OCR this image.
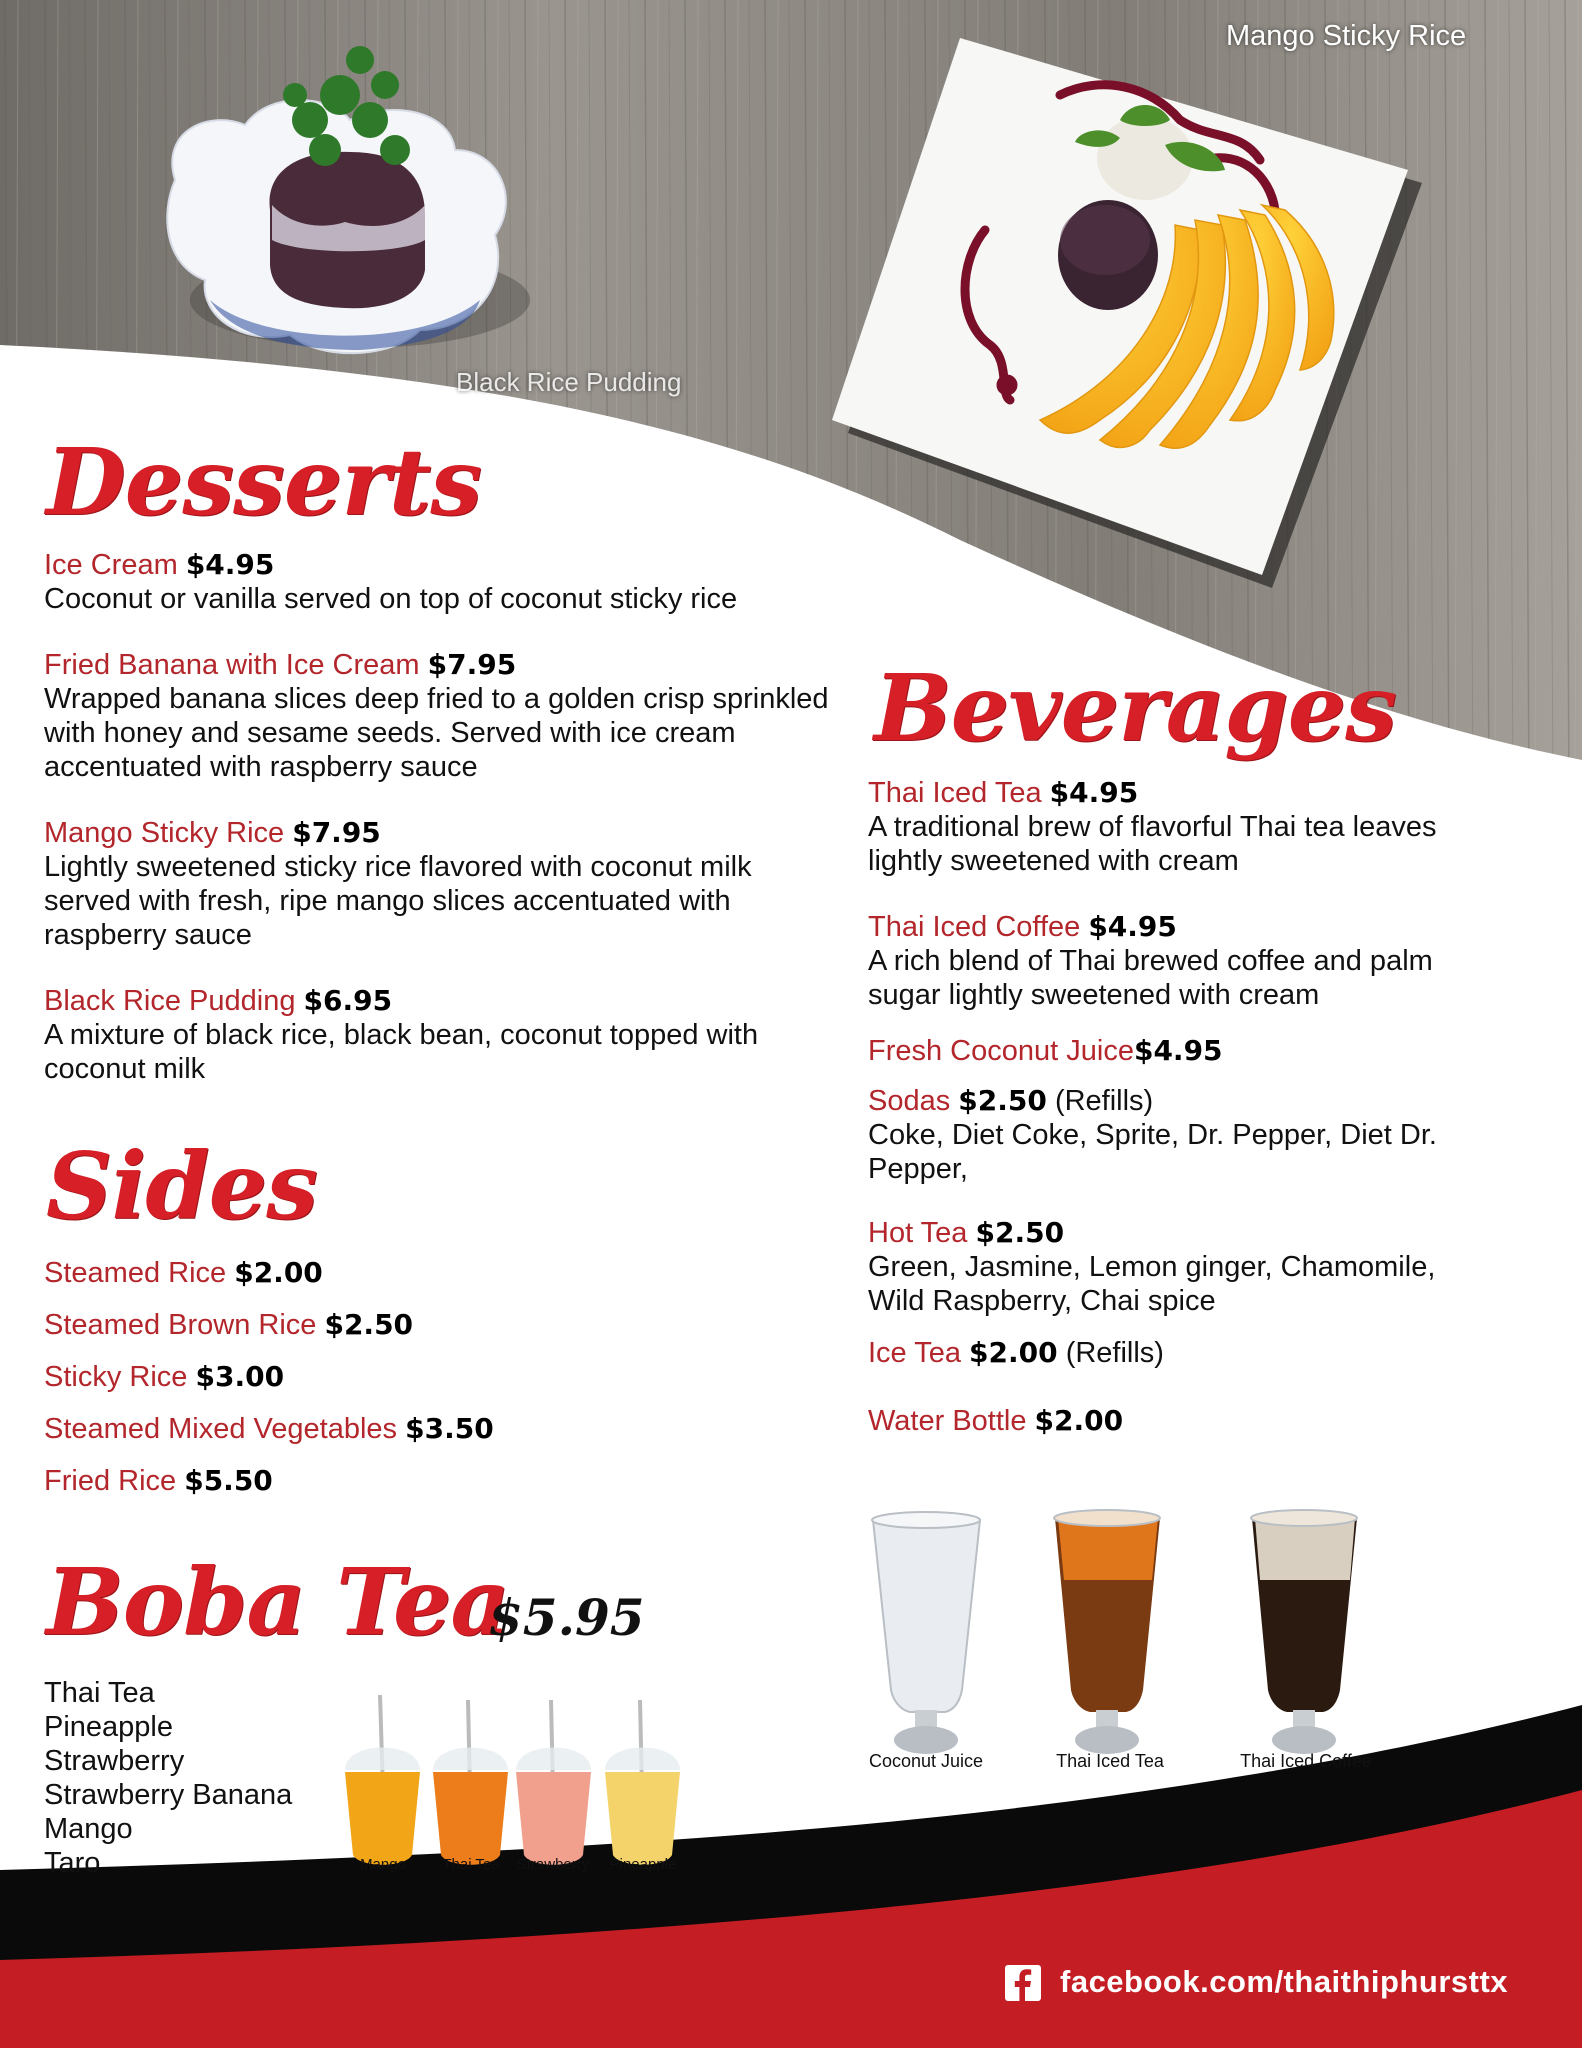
Mango Sticky Rice
Black Rice Pudding
Desserts
Ice Cream $4.95
Coconut or vanilla served on top of coconut sticky rice
Fried Banana with Ice Cream $7.95
Wrapped banana slices deep fried to a golden crisp sprinkled
with honey and sesame seeds. Served with ice cream
accentuated with raspberry sauce
Mango Sticky Rice $7.95
Lightly sweetened sticky rice flavored with coconut milk
served with fresh, ripe mango slices accentuated with
raspberry sauce
Black Rice Pudding $6.95
A mixture of black rice, black bean, coconut topped with
coconut milk
Sides
Steamed Rice $2.00
Steamed Brown Rice $2.50
Sticky Rice $3.00
Steamed Mixed Vegetables $3.50
Fried Rice $5.50
Boba Tea
$5.95
Thai Tea
Pineapple
Strawberry
Strawberry Banana
Mango
Taro	Mango	Thai Tea	Strawberry	Pineapple
Beverages
Thai Iced Tea $4.95
A traditional brew of flavorful Thai tea leaves
lightly sweetened with cream
Thai Iced Coffee $4.95
A rich blend of Thai brewed coffee and palm
sugar lightly sweetened with cream
Fresh Coconut Juice$4.95
Sodas $2.50 (Refills)
Coke, Diet Coke, Sprite, Dr. Pepper, Diet Dr.
Pepper,
Hot Tea $2.50
Green, Jasmine, Lemon ginger, Chamomile,
Wild Raspberry, Chai spice
Ice Tea $2.00 (Refills)
Water Bottle $2.00
Coconut Juice	Thai Iced Tea	Thai Iced Coffee
facebook.com/thaithiphursttx
